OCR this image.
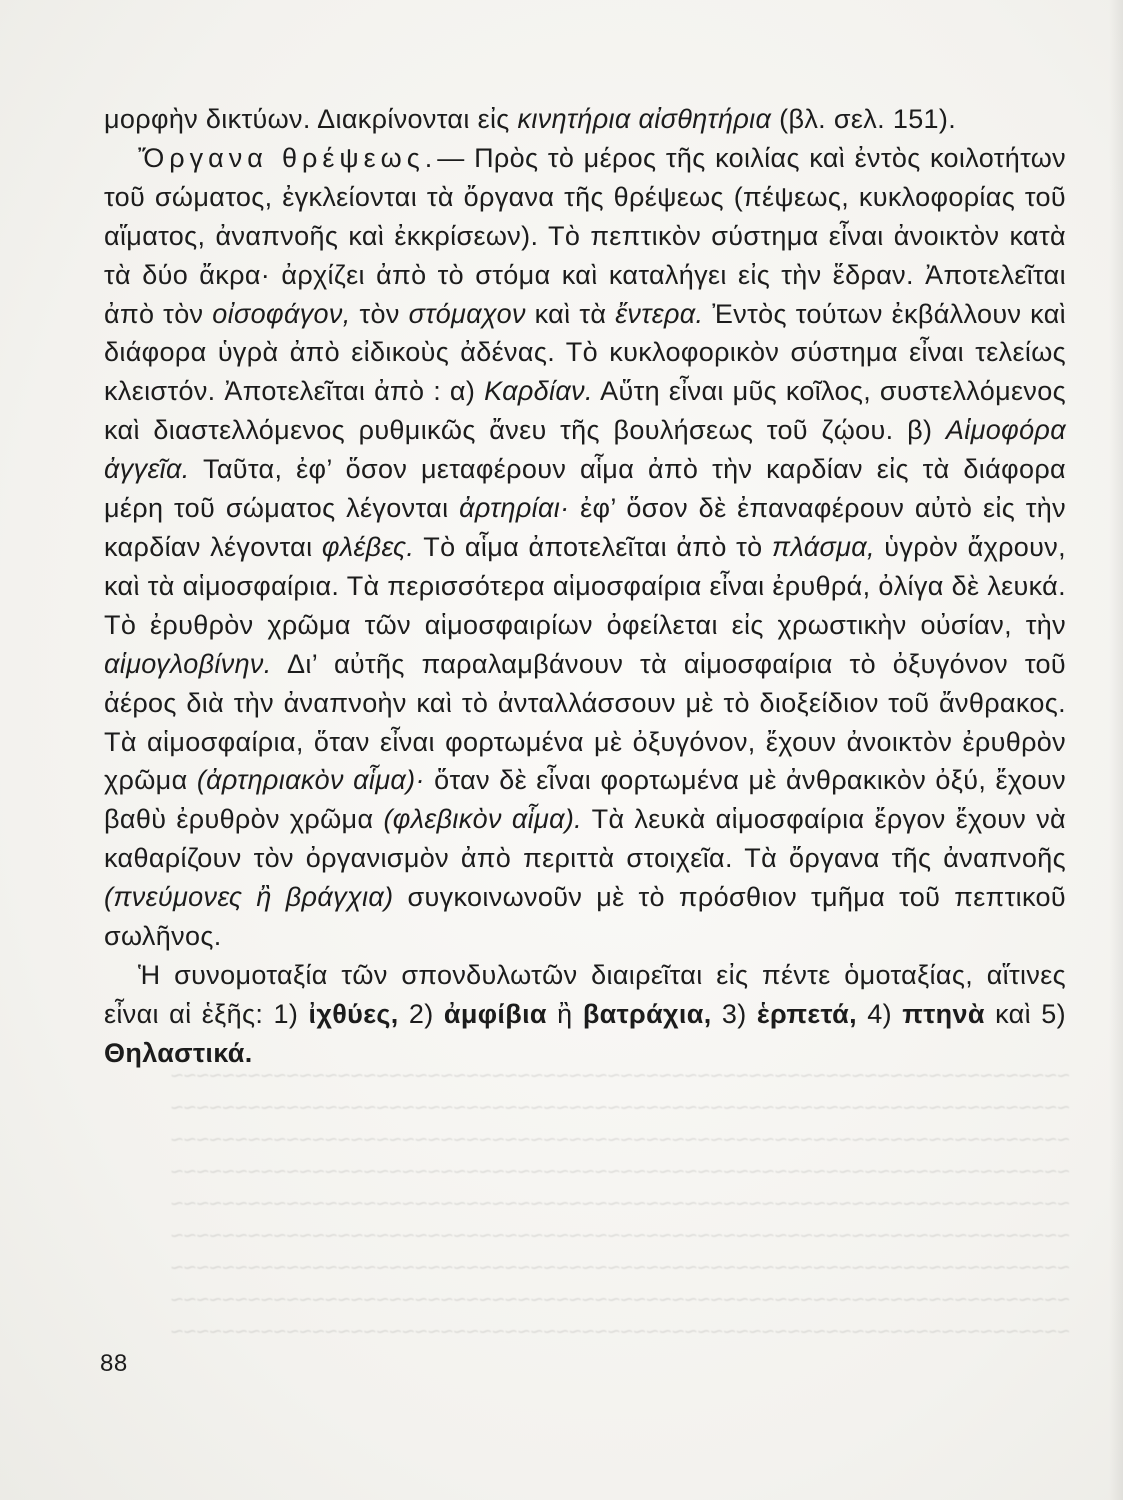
~~~~~~~~~~~~~~~~~~~~~~~~~~~~~~~~~~~~~~~~~~~~~~~~~~~~~~~~~~~~~~~~~~~~~~
~~~~~~~~~~~~~~~~~~~~~~~~~~~~~~~~~~~~~~~~~~~~~~~~~~~~~~~~~~~~~~~~~~~~~~
~~~~~~~~~~~~~~~~~~~~~~~~~~~~~~~~~~~~~~~~~~~~~~~~~~~~~~~~~~~~~~~~~~~~~~
~~~~~~~~~~~~~~~~~~~~~~~~~~~~~~~~~~~~~~~~~~~~~~~~~~~~~~~~~~~~~~~~~~~~~~
~~~~~~~~~~~~~~~~~~~~~~~~~~~~~~~~~~~~~~~~~~~~~~~~~~~~~~~~~~~~~~~~~~~~~~
~~~~~~~~~~~~~~~~~~~~~~~~~~~~~~~~~~~~~~~~~~~~~~~~~~~~~~~~~~~~~~~~~~~~~~
~~~~~~~~~~~~~~~~~~~~~~~~~~~~~~~~~~~~~~~~~~~~~~~~~~~~~~~~~~~~~~~~~~~~~~
~~~~~~~~~~~~~~~~~~~~~~~~~~~~~~~~~~~~~~~~~~~~~~~~~~~~~~~~~~~~~~~~~~~~~~
~~~~~~~~~~~~~~~~~~~~~~~~~~~~~~~~~~~~~~~~~~~~~~~~~~~~~~~~~~~~~~~~~~~~~~

μορφὴν δικτύων. Διακρίνονται εἰς κινητήρια αἰσθητήρια (βλ. σελ. 151).

Ὄργανα θρέψεως.— Πρὸς τὸ μέρος τῆς κοιλίας καὶ ἐντὸς κοιλοτήτων τοῦ σώματος, ἐγκλείονται τὰ ὄργανα τῆς θρέψεως (πέψεως, κυκλοφορίας τοῦ αἵματος, ἀναπνοῆς καὶ ἐκκρίσεων). Τὸ πεπτικὸν σύστημα εἶναι ἀνοικτὸν κατὰ τὰ δύο ἄκρα· ἀρχίζει ἀπὸ τὸ στόμα καὶ καταλήγει εἰς τὴν ἕδραν. Ἀποτελεῖται ἀπὸ τὸν οἰσοφάγον, τὸν στόμαχον καὶ τὰ ἔντερα. Ἐντὸς τούτων ἐκβάλλουν καὶ διάφορα ὑγρὰ ἀπὸ εἰδικοὺς ἀδένας. Τὸ κυκλοφορικὸν σύστημα εἶναι τελείως κλειστόν. Ἀποτελεῖται ἀπὸ : α) Καρδίαν. Αὕτη εἶναι μῦς κοῖλος, συστελλόμενος καὶ διαστελλόμενος ρυθμικῶς ἄνευ τῆς βουλήσεως τοῦ ζῴου. β) Αἱμοφόρα ἀγγεῖα. Ταῦτα, ἐφ’ ὅσον μεταφέρουν αἷμα ἀπὸ τὴν καρδίαν εἰς τὰ διάφορα μέρη τοῦ σώματος λέγονται ἀρτηρίαι· ἐφ’ ὅσον δὲ ἐπαναφέρουν αὐτὸ εἰς τὴν καρδίαν λέγονται φλέβες. Τὸ αἷμα ἀποτελεῖται ἀπὸ τὸ πλάσμα, ὑγρὸν ἄχρουν, καὶ τὰ αἱμοσφαίρια. Τὰ περισσότερα αἱμοσφαίρια εἶναι ἐρυθρά, ὀλίγα δὲ λευκά. Τὸ ἐρυθρὸν χρῶμα τῶν αἱμοσφαιρίων ὀφείλεται εἰς χρωστικὴν οὐσίαν, τὴν αἱμογλοβίνην. Δι’ αὐτῆς παραλαμβάνουν τὰ αἱμοσφαίρια τὸ ὀξυγόνον τοῦ ἀέρος διὰ τὴν ἀναπνοὴν καὶ τὸ ἀνταλλάσσουν μὲ τὸ διοξείδιον τοῦ ἄνθρακος. Τὰ αἱμοσφαίρια, ὅταν εἶναι φορτωμένα μὲ ὀξυγόνον, ἔχουν ἀνοικτὸν ἐρυθρὸν χρῶμα (ἀρτηριακὸν αἷμα)· ὅταν δὲ εἶναι φορτωμένα μὲ ἀνθρακικὸν ὀξύ, ἔχουν βαθὺ ἐρυθρὸν χρῶμα (φλεβικὸν αἷμα). Τὰ λευκὰ αἱμοσφαίρια ἔργον ἔχουν νὰ καθαρίζουν τὸν ὀργανισμὸν ἀπὸ περιττὰ στοιχεῖα. Τὰ ὄργανα τῆς ἀναπνοῆς (πνεύμονες ἢ βράγχια) συγκοινωνοῦν μὲ τὸ πρόσθιον τμῆμα τοῦ πεπτικοῦ σωλῆνος.

Ἡ συνομοταξία τῶν σπονδυλωτῶν διαιρεῖται εἰς πέντε ὁμοταξίας, αἵτινες εἶναι αἱ ἑξῆς: 1) ἰχθύες, 2) ἀμφίβια ἢ βατράχια, 3) ἑρπετά, 4) πτηνὰ καὶ 5) Θηλαστικά.

88
